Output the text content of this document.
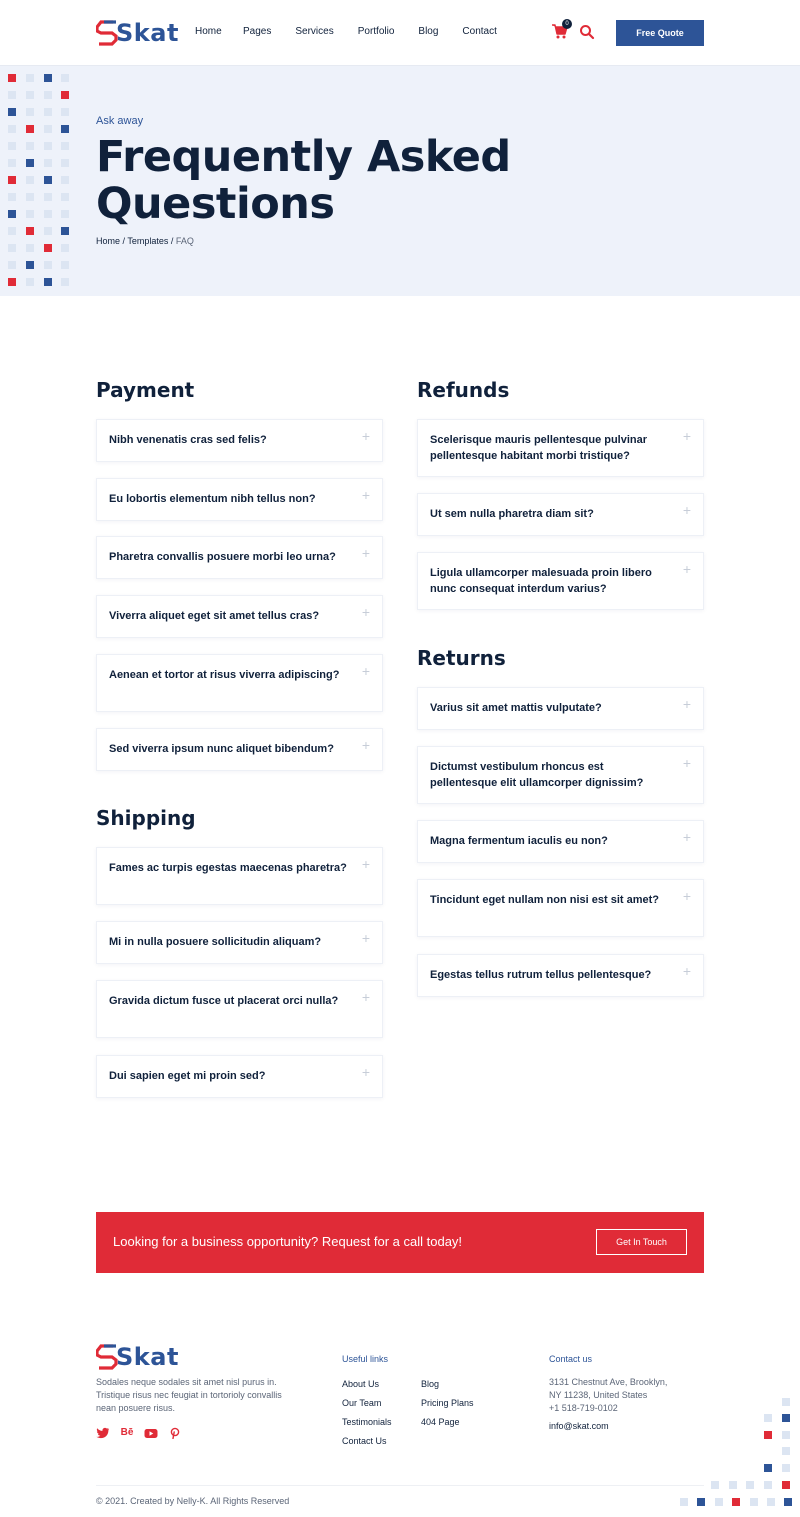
Skat Home Pages Services Portfolio Blog Contact
0
Free Quote
Ask away
Frequently Asked Questions
Home / Templates / FAQ
Payment
Nibh venenatis cras sed felis?	+
Eu lobortis elementum nibh tellus non?	+
Pharetra convallis posuere morbi leo urna?	+
Viverra aliquet eget sit amet tellus cras?	+
Aenean et tortor at risus viverra adipiscing?	+
Sed viverra ipsum nunc aliquet bibendum?	+
Shipping
Fames ac turpis egestas maecenas pharetra? +
Mi in nulla posuere sollicitudin aliquam?	+
Gravida dictum fusce ut placerat orci nulla?	+
Dui sapien eget mi proin sed?	+
Refunds
Scelerisque mauris pellentesque pulvinar pellentesque habitant morbi tristique?
+
Ut sem nulla pharetra diam sit?	+
Ligula ullamcorper malesuada proin libero nunc consequat interdum varius?
+
Returns
Varius sit amet mattis vulputate?	+
Dictumst vestibulum rhoncus est pellentesque elit ullamcorper dignissim?
+
Magna fermentum iaculis eu non?	+
Tincidunt eget nullam non nisi est sit amet?	+
Egestas tellus rutrum tellus pellentesque?	+
Looking for a business opportunity? Request for a call today!	Get In Touch
Skat

Sodales neque sodales sit amet nisl purus in. Tristique risus nec feugiat in tortorioly convallis nean posuere risus.

Bē
Useful links
About Us
Our Team
Testimonials
Contact Us
Blog
Pricing Plans
404 Page
Contact us
3131 Chestnut Ave, Brooklyn, NY 11238, United States
+1 518-719-0102
info@skat.com
© 2021. Created by Nelly-K. All Rights Reserved
